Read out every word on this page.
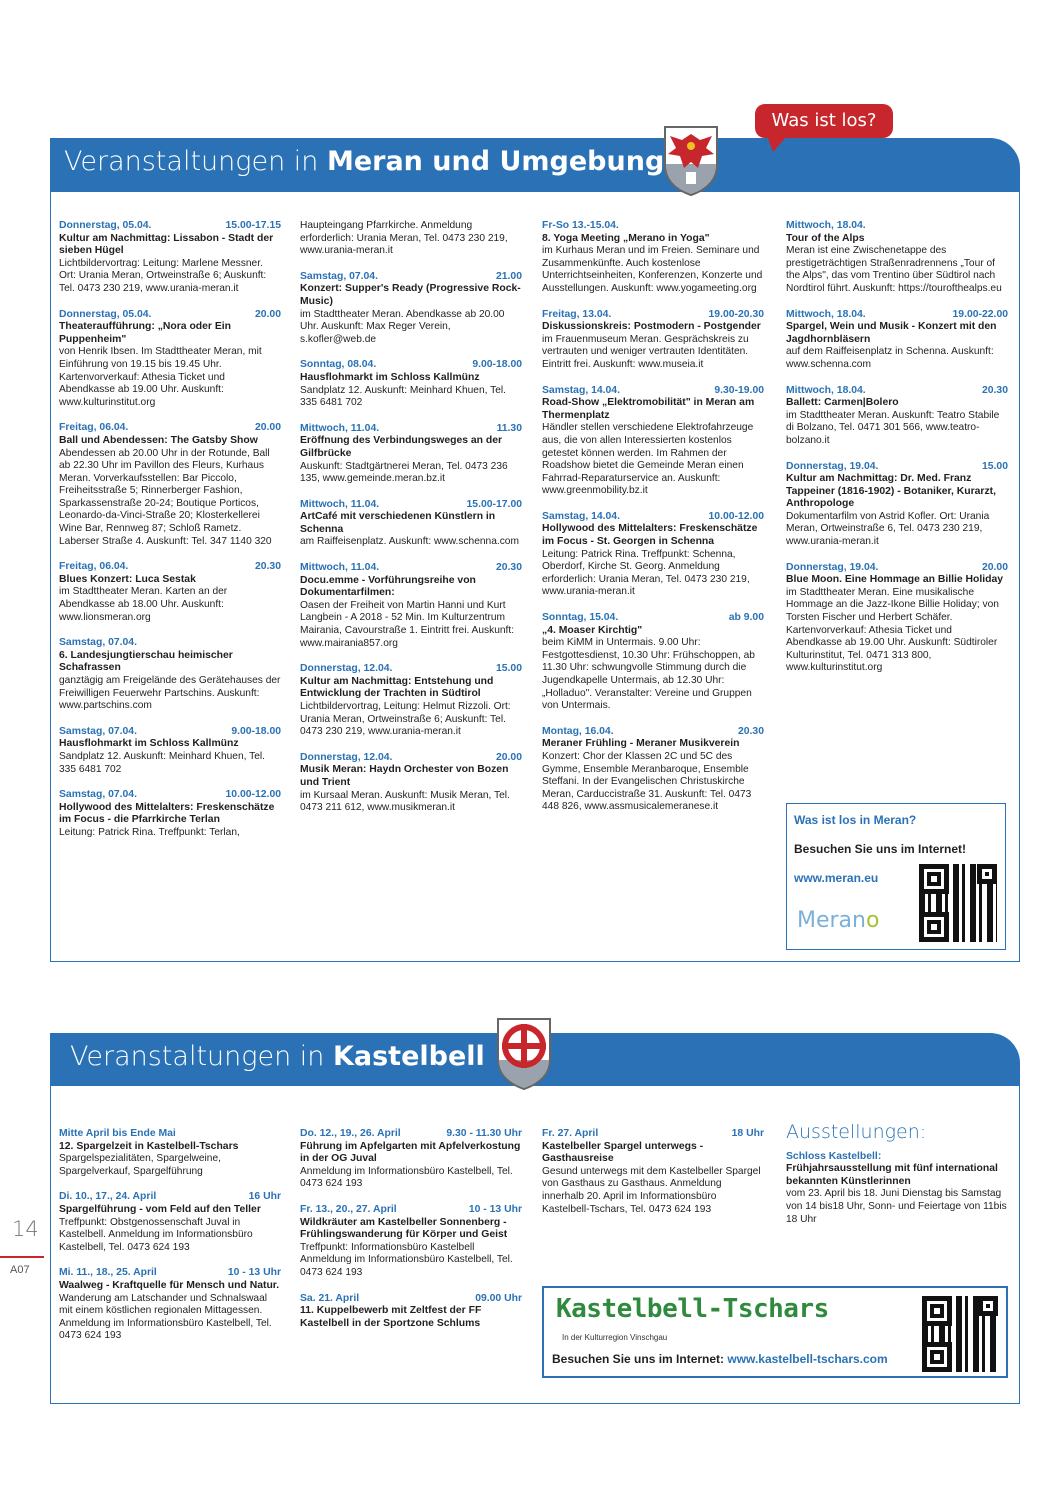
Veranstaltungen in Meran und Umgebung
Was ist los?
Donnerstag, 05.04.	15.00-17.15
Kultur am Nachmittag: Lissabon - Stadt der sieben Hügel
Lichtbildervortrag: Leitung: Marlene Messner. Ort: Urania Meran, Ortweinstraße 6; Auskunft: Tel. 0473 230 219, www.urania-meran.it
Donnerstag, 05.04.	20.00
Theateraufführung: „Nora oder Ein Puppenheim"
von Henrik Ibsen. Im Stadttheater Meran, mit Einführung von 19.15 bis 19.45 Uhr. Kartenvorverkauf: Athesia Ticket und Abendkasse ab 19.00 Uhr. Auskunft: www.kulturinstitut.org
Freitag, 06.04.	20.00
Ball und Abendessen: The Gatsby Show
Abendessen ab 20.00 Uhr in der Rotunde, Ball ab 22.30 Uhr im Pavillon des Fleurs, Kurhaus Meran. Vorverkaufsstellen: Bar Piccolo, Freiheitsstraße 5; Rinnerberger Fashion, Sparkassenstraße 20-24; Boutique Porticos, Leonardo-da-Vinci-Straße 20; Klosterkellerei Wine Bar, Rennweg 87; Schloß Rametz. Laberser Straße 4. Auskunft: Tel. 347 1140 320
Freitag, 06.04.	20.30
Blues Konzert: Luca Sestak
im Stadttheater Meran. Karten an der Abendkasse ab 18.00 Uhr. Auskunft: www.lionsmeran.org
Samstag, 07.04.
6. Landesjungtierschau heimischer Schafrassen
ganztägig am Freigelände des Gerätehauses der Freiwilligen Feuerwehr Partschins. Auskunft: www.partschins.com
Samstag, 07.04.	9.00-18.00
Hausflohmarkt im Schloss Kallmünz
Sandplatz 12. Auskunft: Meinhard Khuen, Tel. 335 6481 702
Samstag, 07.04.	10.00-12.00
Hollywood des Mittelalters: Freskenschätze im Focus - die Pfarrkirche Terlan
Leitung: Patrick Rina. Treffpunkt: Terlan,
Haupteingang Pfarrkirche. Anmeldung erforderlich: Urania Meran, Tel. 0473 230 219, www.urania-meran.it
Samstag, 07.04.	21.00
Konzert: Supper's Ready (Progressive Rock-Music)
im Stadttheater Meran. Abendkasse ab 20.00 Uhr. Auskunft: Max Reger Verein, s.kofler@web.de
Sonntag, 08.04.	9.00-18.00
Hausflohmarkt im Schloss Kallmünz
Sandplatz 12. Auskunft: Meinhard Khuen, Tel. 335 6481 702
Mittwoch, 11.04.	11.30
Eröffnung des Verbindungsweges an der Gilfbrücke
Auskunft: Stadtgärtnerei Meran, Tel. 0473 236 135, www.gemeinde.meran.bz.it
Mittwoch, 11.04.	15.00-17.00
ArtCafé mit verschiedenen Künstlern in Schenna
am Raiffeisenplatz. Auskunft: www.schenna.com
Mittwoch, 11.04.	20.30
Docu.emme - Vorführungsreihe von Dokumentarfilmen:
Oasen der Freiheit von Martin Hanni und Kurt Langbein - A 2018 - 52 Min. Im Kulturzentrum Mairania, Cavourstraße 1. Eintritt frei. Auskunft: www.mairania857.org
Donnerstag, 12.04.	15.00
Kultur am Nachmittag: Entstehung und Entwicklung der Trachten in Südtirol
Lichtbildervortrag, Leitung: Helmut Rizzoli. Ort: Urania Meran, Ortweinstraße 6; Auskunft: Tel. 0473 230 219, www.urania-meran.it
Donnerstag, 12.04.	20.00
Musik Meran: Haydn Orchester von Bozen und Trient
im Kursaal Meran. Auskunft: Musik Meran, Tel. 0473 211 612, www.musikmeran.it
Fr-So 13.-15.04.
8. Yoga Meeting „Merano in Yoga"
im Kurhaus Meran und im Freien. Seminare und Zusammenkünfte. Auch kostenlose Unterrichtseinheiten, Konferenzen, Konzerte und Ausstellungen. Auskunft: www.yogameeting.org
Freitag, 13.04.	19.00-20.30
Diskussionskreis: Postmodern - Postgender
im Frauenmuseum Meran. Gesprächskreis zu vertrauten und weniger vertrauten Identitäten. Eintritt frei. Auskunft: www.museia.it
Samstag, 14.04.	9.30-19.00
Road-Show „Elektromobilität" in Meran am Thermenplatz
Händler stellen verschiedene Elektrofahrzeuge aus, die von allen Interessierten kostenlos getestet können werden. Im Rahmen der Roadshow bietet die Gemeinde Meran einen Fahrrad-Reparaturservice an. Auskunft: www.greenmobility.bz.it
Samstag, 14.04.	10.00-12.00
Hollywood des Mittelalters: Freskenschätze im Focus - St. Georgen in Schenna
Leitung: Patrick Rina. Treffpunkt: Schenna, Oberdorf, Kirche St. Georg. Anmeldung erforderlich: Urania Meran, Tel. 0473 230 219, www.urania-meran.it
Sonntag, 15.04.	ab 9.00
„4. Moaser Kirchtig"
beim KiMM in Untermais. 9.00 Uhr: Festgottesdienst, 10.30 Uhr: Frühschoppen, ab 11.30 Uhr: schwungvolle Stimmung durch die Jugendkapelle Untermais, ab 12.30 Uhr: „Holladuo". Veranstalter: Vereine und Gruppen von Untermais.
Montag, 16.04.	20.30
Meraner Frühling - Meraner Musikverein
Konzert: Chor der Klassen 2C und 5C des Gymme, Ensemble Meranbaroque, Ensemble Steffani. In der Evangelischen Christuskirche Meran, Carduccistraße 31. Auskunft: Tel. 0473 448 826, www.assmusicalemeranese.it
Mittwoch, 18.04.
Tour of the Alps
Meran ist eine Zwischenetappe des prestigeträchtigen Straßenradrennens „Tour of the Alps", das vom Trentino über Südtirol nach Nordtirol führt. Auskunft: https://tourofthealps.eu
Mittwoch, 18.04.	19.00-22.00
Spargel, Wein und Musik - Konzert mit den Jagdhornbläsern
auf dem Raiffeisenplatz in Schenna. Auskunft: www.schenna.com
Mittwoch, 18.04.	20.30
Ballett: Carmen|Bolero
im Stadttheater Meran. Auskunft: Teatro Stabile di Bolzano, Tel. 0471 301 566, www.teatro-bolzano.it
Donnerstag, 19.04.	15.00
Kultur am Nachmittag: Dr. Med. Franz Tappeiner (1816-1902) - Botaniker, Kurarzt, Anthropologe
Dokumentarfilm von Astrid Kofler. Ort: Urania Meran, Ortweinstraße 6, Tel. 0473 230 219, www.urania-meran.it
Donnerstag, 19.04.	20.00
Blue Moon. Eine Hommage an Billie Holiday
im Stadttheater Meran. Eine musikalische Hommage an die Jazz-Ikone Billie Holiday; von Torsten Fischer und Herbert Schäfer. Kartenvorverkauf: Athesia Ticket und Abendkasse ab 19.00 Uhr. Auskunft: Südtiroler Kulturinstitut, Tel. 0471 313 800, www.kulturinstitut.org
Was ist los in Meran?
Besuchen Sie uns im Internet!
www.meran.eu
Merano
Veranstaltungen in Kastelbell
Mitte April bis Ende Mai
12. Spargelzeit in Kastelbell-Tschars
Spargelspezialitäten, Spargelweine, Spargelverkauf, Spargelführung
Di. 10., 17., 24. April	16 Uhr
Spargelführung - vom Feld auf den Teller
Treffpunkt: Obstgenossenschaft Juval in Kastelbell. Anmeldung im Informationsbüro Kastelbell, Tel. 0473 624 193
Mi. 11., 18., 25. April	10 - 13 Uhr
Waalweg - Kraftquelle für Mensch und Natur.
Wanderung am Latschander und Schnalswaal mit einem köstlichen regionalen Mittagessen. Anmeldung im Informationsbüro Kastelbell, Tel. 0473 624 193
Do. 12., 19., 26. April	9.30 - 11.30 Uhr
Führung im Apfelgarten mit Apfelverkostung in der OG Juval
Anmeldung im Informationsbüro Kastelbell, Tel. 0473 624 193
Fr. 13., 20., 27. April	10 - 13 Uhr
Wildkräuter am Kastelbeller Sonnenberg - Frühlingswanderung für Körper und Geist
Treffpunkt: Informationsbüro Kastelbell Anmeldung im Informationsbüro Kastelbell, Tel. 0473 624 193
Sa. 21. April	09.00 Uhr
11. Kuppelbewerb mit Zeltfest der FF Kastelbell in der Sportzone Schlums
Fr. 27. April	18 Uhr
Kastelbeller Spargel unterwegs - Gasthausreise
Gesund unterwegs mit dem Kastelbeller Spargel von Gasthaus zu Gasthaus. Anmeldung innerhalb 20. April im Informationsbüro Kastelbell-Tschars, Tel. 0473 624 193
Ausstellungen:
Schloss Kastelbell:
Frühjahrsausstellung mit fünf international bekannten Künstlerinnen
vom 23. April bis 18. Juni Dienstag bis Samstag von 14 bis18 Uhr, Sonn- und Feiertage von 11bis 18 Uhr
Kastelbell-Tschars
In der Kulturregion Vinschgau
Besuchen Sie uns im Internet: www.kastelbell-tschars.com
14
A07
